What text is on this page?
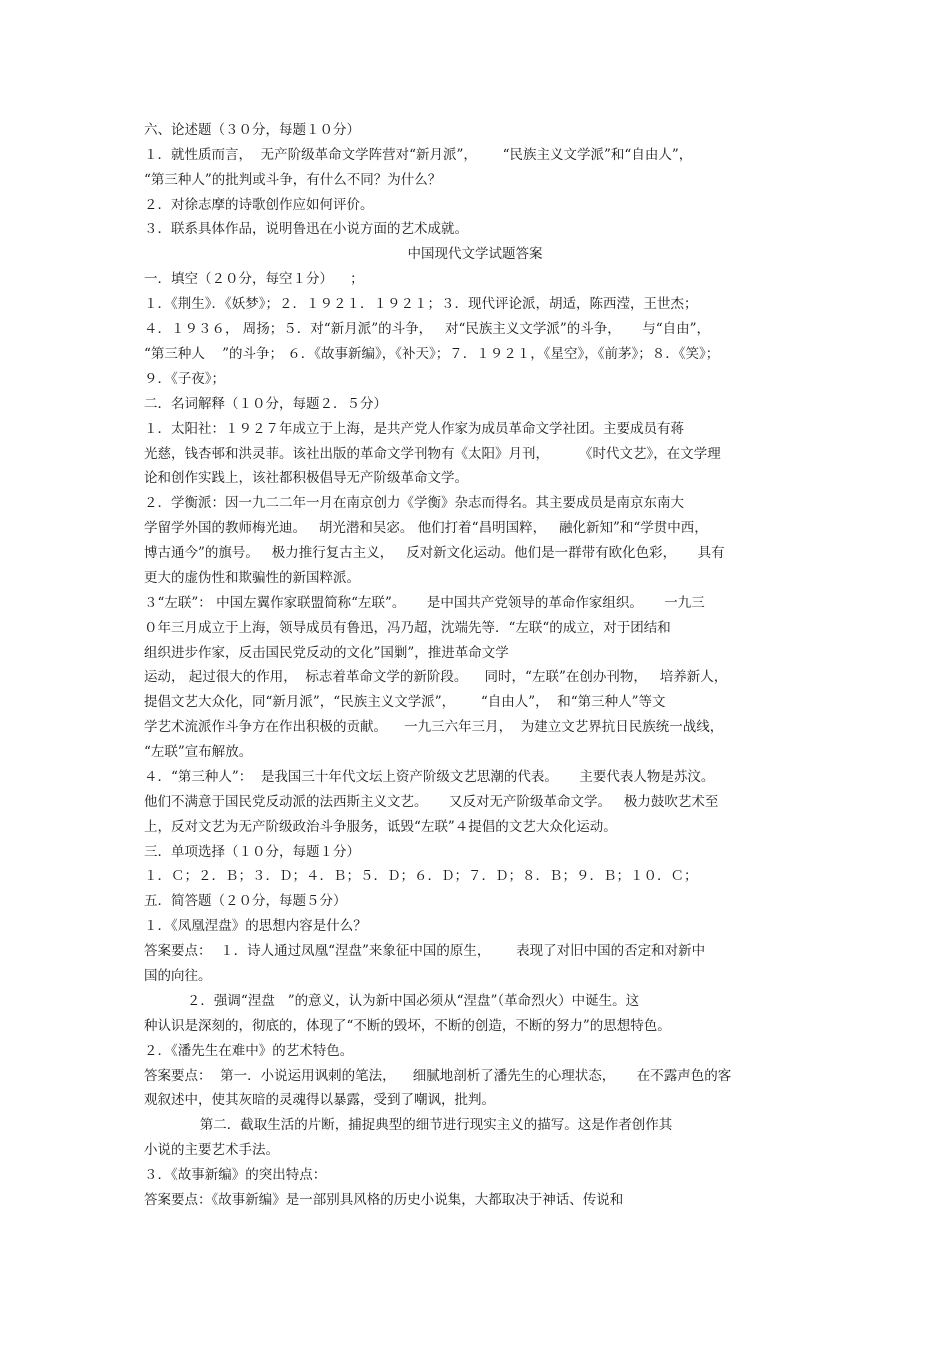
六、论述题（３０分，每题１０分）
１．就性质而言，  无产阶级革命文学阵营对“新月派”，      “民族主义文学派”和“自由人”，
“第三种人”的批判或斗争，有什么不同？为什么？
２．对徐志摩的诗歌创作应如何评价。
３．联系具体作品，说明鲁迅在小说方面的艺术成就。
中国现代文学试题答案
一．填空（２０分，每空１分）    ；
１．《荆生》．《妖梦》；２．１９２１．１９２１；３．现代评论派，胡适，陈西滢，王世杰；
４．１９３６， 周扬；５．对“新月派”的斗争，   对“民族主义文学派”的斗争，     与“自由”，
“第三种人    ”的斗争； ６．《故事新编》，《补天》；７．１９２１，《星空》，《前茅》；８．《笑》；
９．《子夜》；
二．名词解释（１０分，每题２．５分）
１．太阳社：１９２７年成立于上海，是共产党人作家为成员革命文学社团。主要成员有蒋
光慈，钱杏邨和洪灵菲。该社出版的革命文学刊物有《太阳》月刊，       《时代文艺》，在文学理
论和创作实践上，该社都积极倡导无产阶级革命文学。
２．学衡派：因一九二二年一月在南京创力《学衡》杂志而得名。其主要成员是南京东南大
学留学外国的教师梅光迪。   胡光潜和吴宓。 他们打着“昌明国粹，   融化新知”和“学贯中西，
博古通今”的旗号。   极力推行复古主义，   反对新文化运动。他们是一群带有欧化色彩，     具有
更大的虚伪性和欺骗性的新国粹派。
３“左联”： 中国左翼作家联盟简称“左联”。     是中国共产党领导的革命作家组织。     一九三
０年三月成立于上海，领导成员有鲁迅，冯乃超，沈端先等．“左联“的成立，对于团结和
组织进步作家，反击国民党反动的文化”国剿”，推进革命文学
运动， 起过很大的作用，  标志着革命文学的新阶段。    同时，“左联”在创办刊物，   培养新人，
提倡文艺大众化，同“新月派”，“民族主义文学派”，      “自由人”，  和“第三种人”等文
学艺术流派作斗争方在作出积极的贡献。    一九三六年三月，  为建立文艺界抗日民族统一战线，
“左联”宣布解放。
４．“第三种人”：  是我国三十年代文坛上资产阶级文艺思潮的代表。     主要代表人物是苏汶。
他们不满意于国民党反动派的法西斯主义文艺。     又反对无产阶级革命文学。   极力鼓吹艺术至
上，反对文艺为无产阶级政治斗争服务，诋毁“左联”４提倡的文艺大众化运动。
三．单项选择（１０分，每题１分）
１．Ｃ；２．Ｂ；３．Ｄ；４．Ｂ；５．Ｄ；６．Ｄ；７．Ｄ；８．Ｂ；９．Ｂ；１０．Ｃ；
五．简答题（２０分，每题５分）
１．《凤凰涅盘》的思想内容是什么？
答案要点：  １．诗人通过凤凰“涅盘”来象征中国的原生，      表现了对旧中国的否定和对新中
国的向往。
２．强调“涅盘   ”的意义，认为新中国必须从“涅盘”（革命烈火）中诞生。这
种认识是深刻的，彻底的，体现了“不断的毁坏，不断的创造，不断的努力”的思想特色。
２．《潘先生在难中》的艺术特色。
答案要点：  第一．小说运用讽刺的笔法，    细腻地剖析了潘先生的心理状态，     在不露声色的客
观叙述中，使其灰暗的灵魂得以暴露，受到了嘲讽，批判。
第二．截取生活的片断，捕捉典型的细节进行现实主义的描写。这是作者创作其
小说的主要艺术手法。
３．《故事新编》的突出特点：
答案要点：《故事新编》是一部别具风格的历史小说集，大都取决于神话、传说和
